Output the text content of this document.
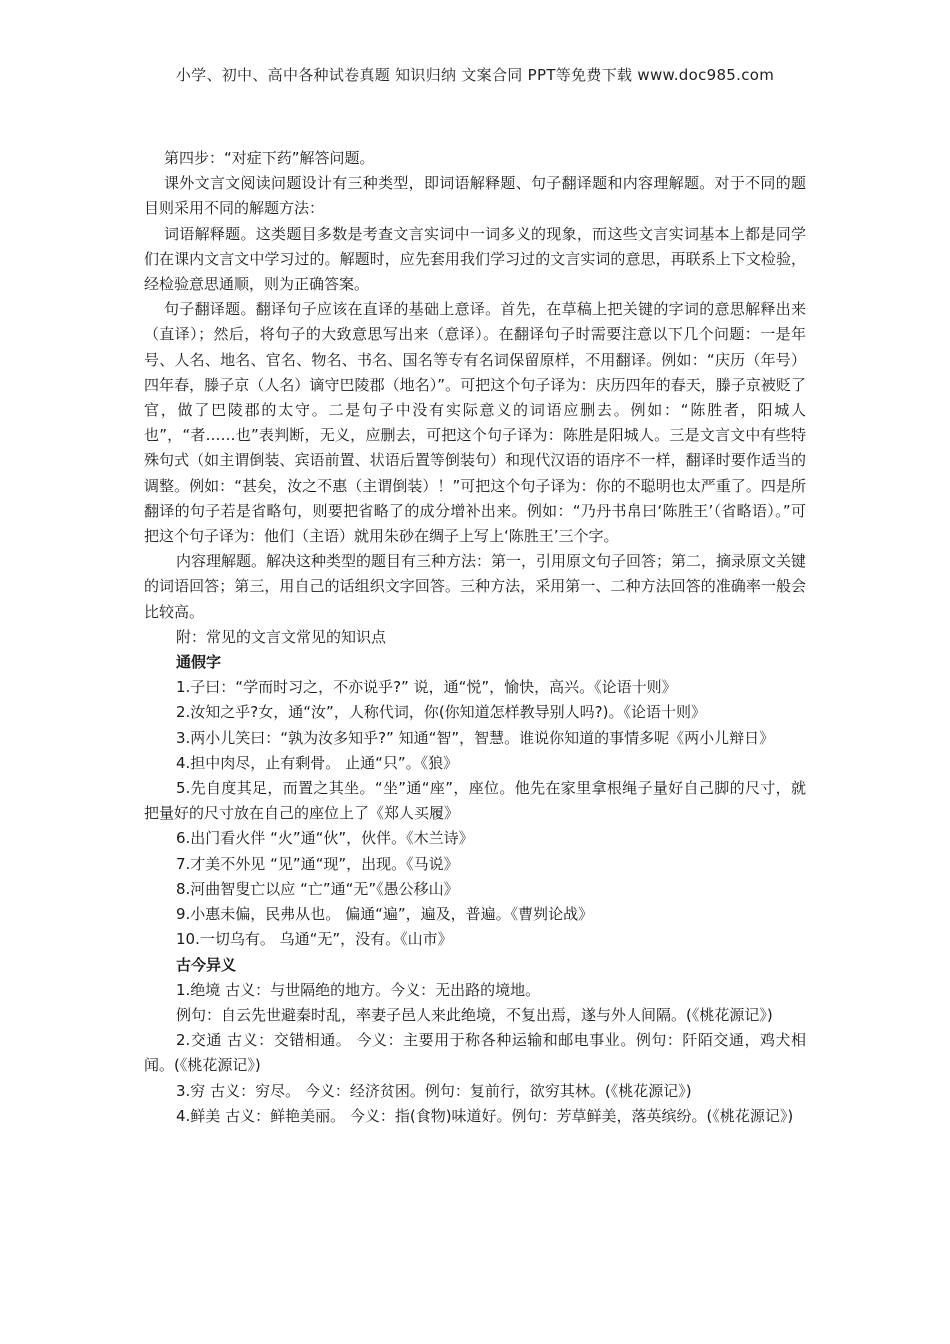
小学、初中、高中各种试卷真题 知识归纳 文案合同 PPT等免费下载 www.doc985.com

第四步：“对症下药”解答问题。

课外文言文阅读问题设计有三种类型，即词语解释题、句子翻译题和内容理解题。对于不同的题目则采用不同的解题方法：

词语解释题。这类题目多数是考查文言实词中一词多义的现象，而这些文言实词基本上都是同学们在课内文言文中学习过的。解题时，应先套用我们学习过的文言实词的意思，再联系上下文检验，经检验意思通顺，则为正确答案。

句子翻译题。翻译句子应该在直译的基础上意译。首先，在草稿上把关键的字词的意思解释出来（直译）；然后，将句子的大致意思写出来（意译）。在翻译句子时需要注意以下几个问题：一是年号、人名、地名、官名、物名、书名、国名等专有名词保留原样，不用翻译。例如：“庆历（年号）四年春，滕子京（人名）谪守巴陵郡（地名）”。可把这个句子译为：庆历四年的春天，滕子京被贬了官，做了巴陵郡的太守。二是句子中没有实际意义的词语应删去。例如：“陈胜者，阳城人也”，“者……也”表判断，无义，应删去，可把这个句子译为：陈胜是阳城人。三是文言文中有些特殊句式（如主谓倒装、宾语前置、状语后置等倒装句）和现代汉语的语序不一样，翻译时要作适当的调整。例如：“甚矣，汝之不惠（主谓倒装）！”可把这个句子译为：你的不聪明也太严重了。四是所翻译的句子若是省略句，则要把省略了的成分增补出来。例如：“乃丹书帛曰‘陈胜王’（省略语）。”可把这个句子译为：他们（主语）就用朱砂在绸子上写上‘陈胜王’三个字。

内容理解题。解决这种类型的题目有三种方法：第一，引用原文句子回答；第二，摘录原文关键的词语回答；第三，用自己的话组织文字回答。三种方法，采用第一、二种方法回答的准确率一般会比较高。

附：常见的文言文常见的知识点

通假字

1.子曰：“学而时习之，不亦说乎?” 说，通“悦”，愉快，高兴。《论语十则》

2.汝知之乎?女，通“汝”，人称代词，你(你知道怎样教导别人吗?)。《论语十则》

3.两小儿笑曰：“孰为汝多知乎?” 知通“智”，智慧。谁说你知道的事情多呢《两小儿辩日》

4.担中肉尽，止有剩骨。 止通“只”。《狼》

5.先自度其足，而置之其坐。“坐”通“座”，座位。他先在家里拿根绳子量好自己脚的尺寸，就把量好的尺寸放在自己的座位上了《郑人买履》

6.出门看火伴 “火”通“伙”，伙伴。《木兰诗》

7.才美不外见 “见”通“现”，出现。《马说》

8.河曲智叟亡以应 “亡”通“无”《愚公移山》

9.小惠未偏，民弗从也。 偏通“遍”，遍及，普遍。《曹刿论战》

10.一切乌有。 乌通“无”，没有。《山市》

古今异义

1.绝境 古义：与世隔绝的地方。今义：无出路的境地。

例句：自云先世避秦时乱，率妻子邑人来此绝境，不复出焉，遂与外人间隔。(《桃花源记》)

2.交通 古义：交错相通。 今义：主要用于称各种运输和邮电事业。例句：阡陌交通，鸡犬相闻。(《桃花源记》)

3.穷 古义：穷尽。 今义：经济贫困。例句：复前行，欲穷其林。(《桃花源记》)

4.鲜美 古义：鲜艳美丽。 今义：指(食物)味道好。例句：芳草鲜美，落英缤纷。(《桃花源记》)
